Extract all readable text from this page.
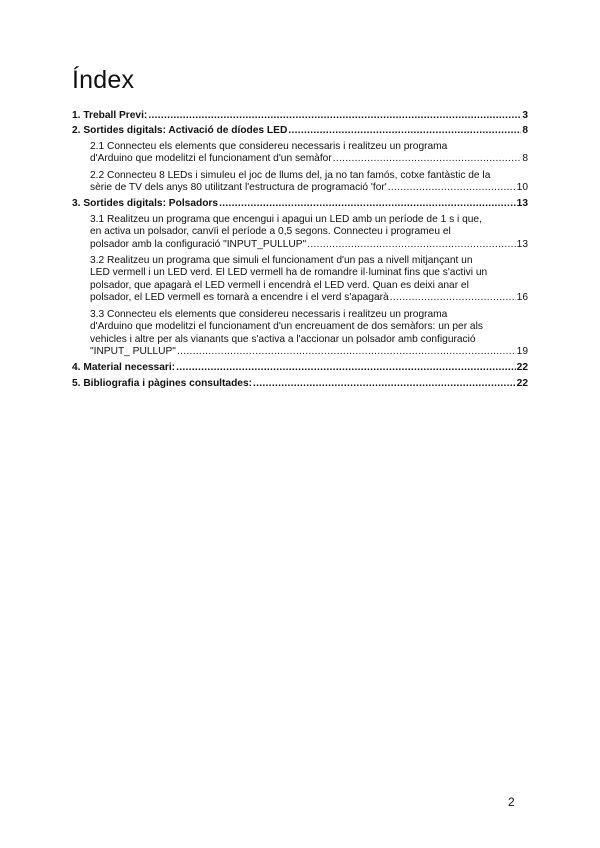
Índex
1. Treball Previ: .....	3
2. Sortides digitals: Activació de díodes LED .....	8
2.1 Connecteu els elements que considereu necessaris i realitzeu un programa
d'Arduino que modelitzi el funcionament d'un semàfor .....	8
2.2 Connecteu 8 LEDs i simuleu el joc de llums del, ja no tan famós, cotxe fantàstic de la
sèrie de TV dels anys 80 utilitzant l'estructura de programació 'for' .....	10
3. Sortides digitals: Polsadors .....	13
3.1 Realitzeu un programa que encengui i apagui un LED amb un període de 1 s i que,
en activa un polsador, canvïi el període a 0,5 segons. Connecteu i programeu el
polsador amb la configuració "INPUT_PULLUP" .....	13
3.2 Realitzeu un programa que simuli el funcionament d'un pas a nivell mitjançant un
LED vermell i un LED verd. El LED vermell ha de romandre il·luminat fins que s'activi un
polsador, que apagarà el LED vermell i encendrà el LED verd. Quan es deixi anar el
polsador, el LED vermell es tornarà a encendre i el verd s'apagarà .....	16
3.3 Connecteu els elements que considereu necessaris i realitzeu un programa
d'Arduino que modelitzi el funcionament d'un encreuament de dos semàfors: un per als
vehicles i altre per als vianants que s'activa a l'accionar un polsador amb configuració
"INPUT_ PULLUP" .....	19
4. Material necessari: .....	22
5. Bibliografia i pàgines consultades: .....	22
2
